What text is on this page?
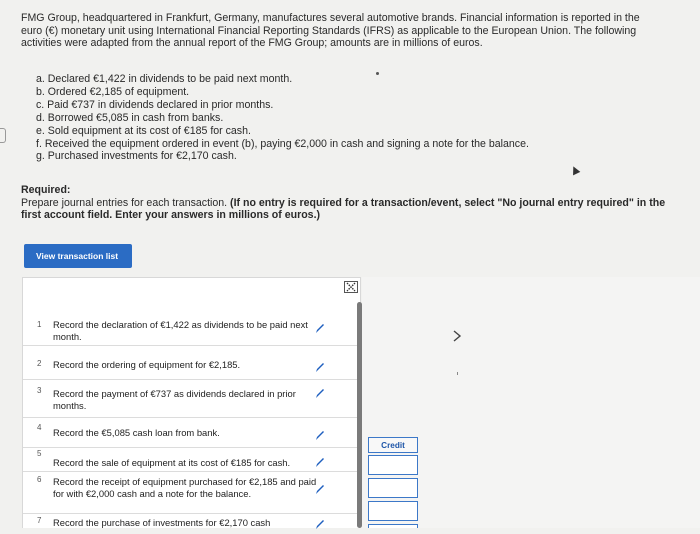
FMG Group, headquartered in Frankfurt, Germany, manufactures several automotive brands. Financial information is reported in the
euro (€) monetary unit using International Financial Reporting Standards (IFRS) as applicable to the European Union. The following
activities were adapted from the annual report of the FMG Group; amounts are in millions of euros.
a. Declared €1,422 in dividends to be paid next month.
b. Ordered €2,185 of equipment.
c. Paid €737 in dividends declared in prior months.
d. Borrowed €5,085 in cash from banks.
e. Sold equipment at its cost of €185 for cash.
f. Received the equipment ordered in event (b), paying €2,000 in cash and signing a note for the balance.
g. Purchased investments for €2,170 cash.
Required:
Prepare journal entries for each transaction. (If no entry is required for a transaction/event, select "No journal entry required" in the
first account field. Enter your answers in millions of euros.)
View transaction list
1 Record the declaration of €1,422 as dividends to be paid next month.
2 Record the ordering of equipment for €2,185.
3 Record the payment of €737 as dividends declared in prior months.
4 Record the €5,085 cash loan from bank.
5
Record the sale of equipment at its cost of €185 for cash.
6 Record the receipt of equipment purchased for €2,185 and paid for with €2,000 cash and a note for the balance.
7 Record the purchase of investments for €2,170 cash
Credit
